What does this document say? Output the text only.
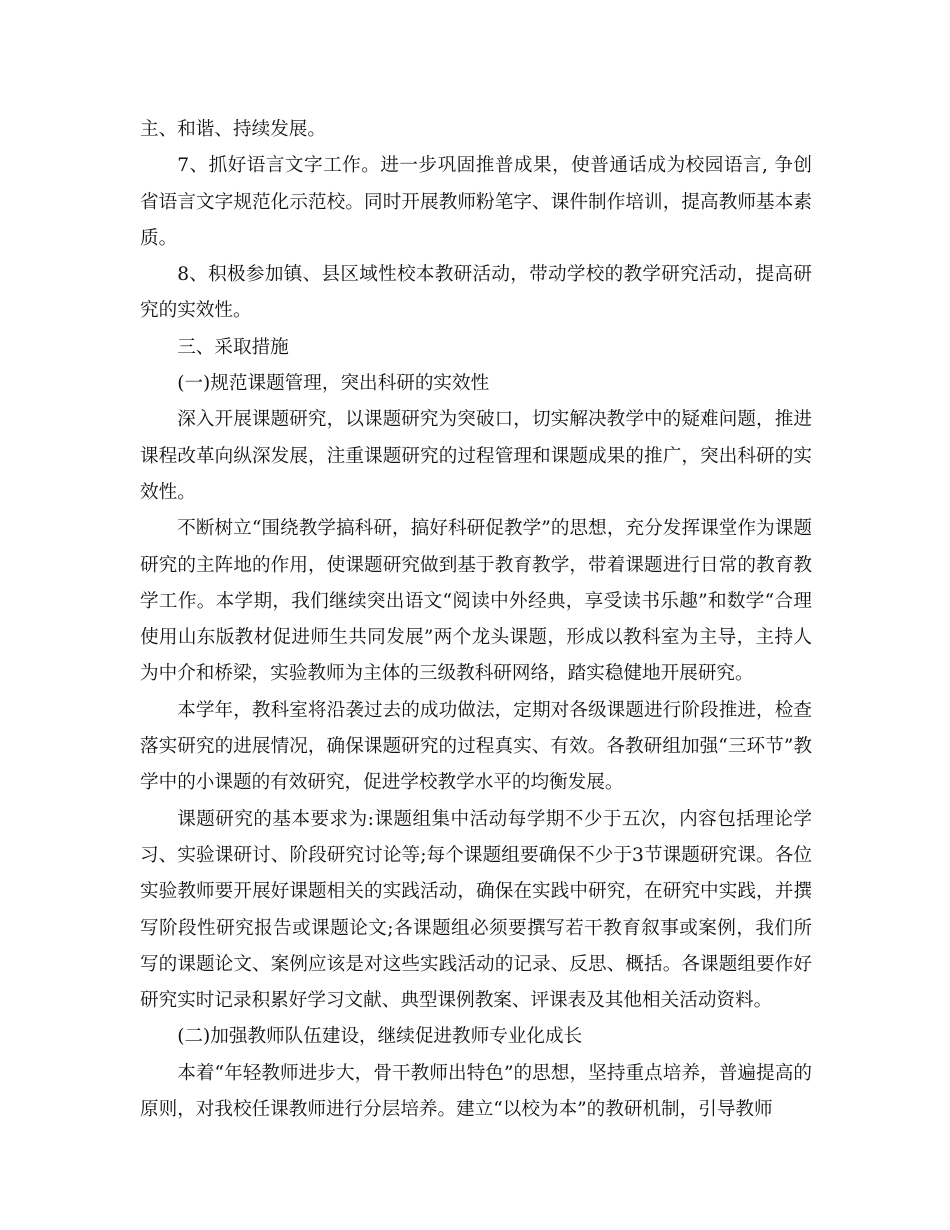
主、和谐、持续发展。

7、抓好语言文字工作。进一步巩固推普成果，使普通话成为校园语言, 争创省语言文字规范化示范校。同时开展教师粉笔字、课件制作培训，提高教师基本素质。

8、积极参加镇、县区域性校本教研活动，带动学校的教学研究活动，提高研究的实效性。

三、采取措施

(一)规范课题管理，突出科研的实效性

深入开展课题研究，以课题研究为突破口，切实解决教学中的疑难问题，推进课程改革向纵深发展，注重课题研究的过程管理和课题成果的推广，突出科研的实效性。

不断树立“围绕教学搞科研，搞好科研促教学”的思想，充分发挥课堂作为课题研究的主阵地的作用，使课题研究做到基于教育教学，带着课题进行日常的教育教学工作。本学期，我们继续突出语文“阅读中外经典，享受读书乐趣”和数学“合理使用山东版教材促进师生共同发展”两个龙头课题，形成以教科室为主导，主持人为中介和桥梁，实验教师为主体的三级教科研网络，踏实稳健地开展研究。

本学年，教科室将沿袭过去的成功做法，定期对各级课题进行阶段推进，检查落实研究的进展情况，确保课题研究的过程真实、有效。各教研组加强“三环节”教学中的小课题的有效研究，促进学校教学水平的均衡发展。

课题研究的基本要求为:课题组集中活动每学期不少于五次，内容包括理论学习、实验课研讨、阶段研究讨论等;每个课题组要确保不少于3节课题研究课。各位实验教师要开展好课题相关的实践活动，确保在实践中研究，在研究中实践，并撰写阶段性研究报告或课题论文;各课题组必须要撰写若干教育叙事或案例，我们所写的课题论文、案例应该是对这些实践活动的记录、反思、概括。各课题组要作好研究实时记录积累好学习文献、典型课例教案、评课表及其他相关活动资料。

(二)加强教师队伍建设，继续促进教师专业化成长

本着“年轻教师进步大，骨干教师出特色”的思想，坚持重点培养，普遍提高的原则，对我校任课教师进行分层培养。建立“以校为本”的教研机制，引导教师
